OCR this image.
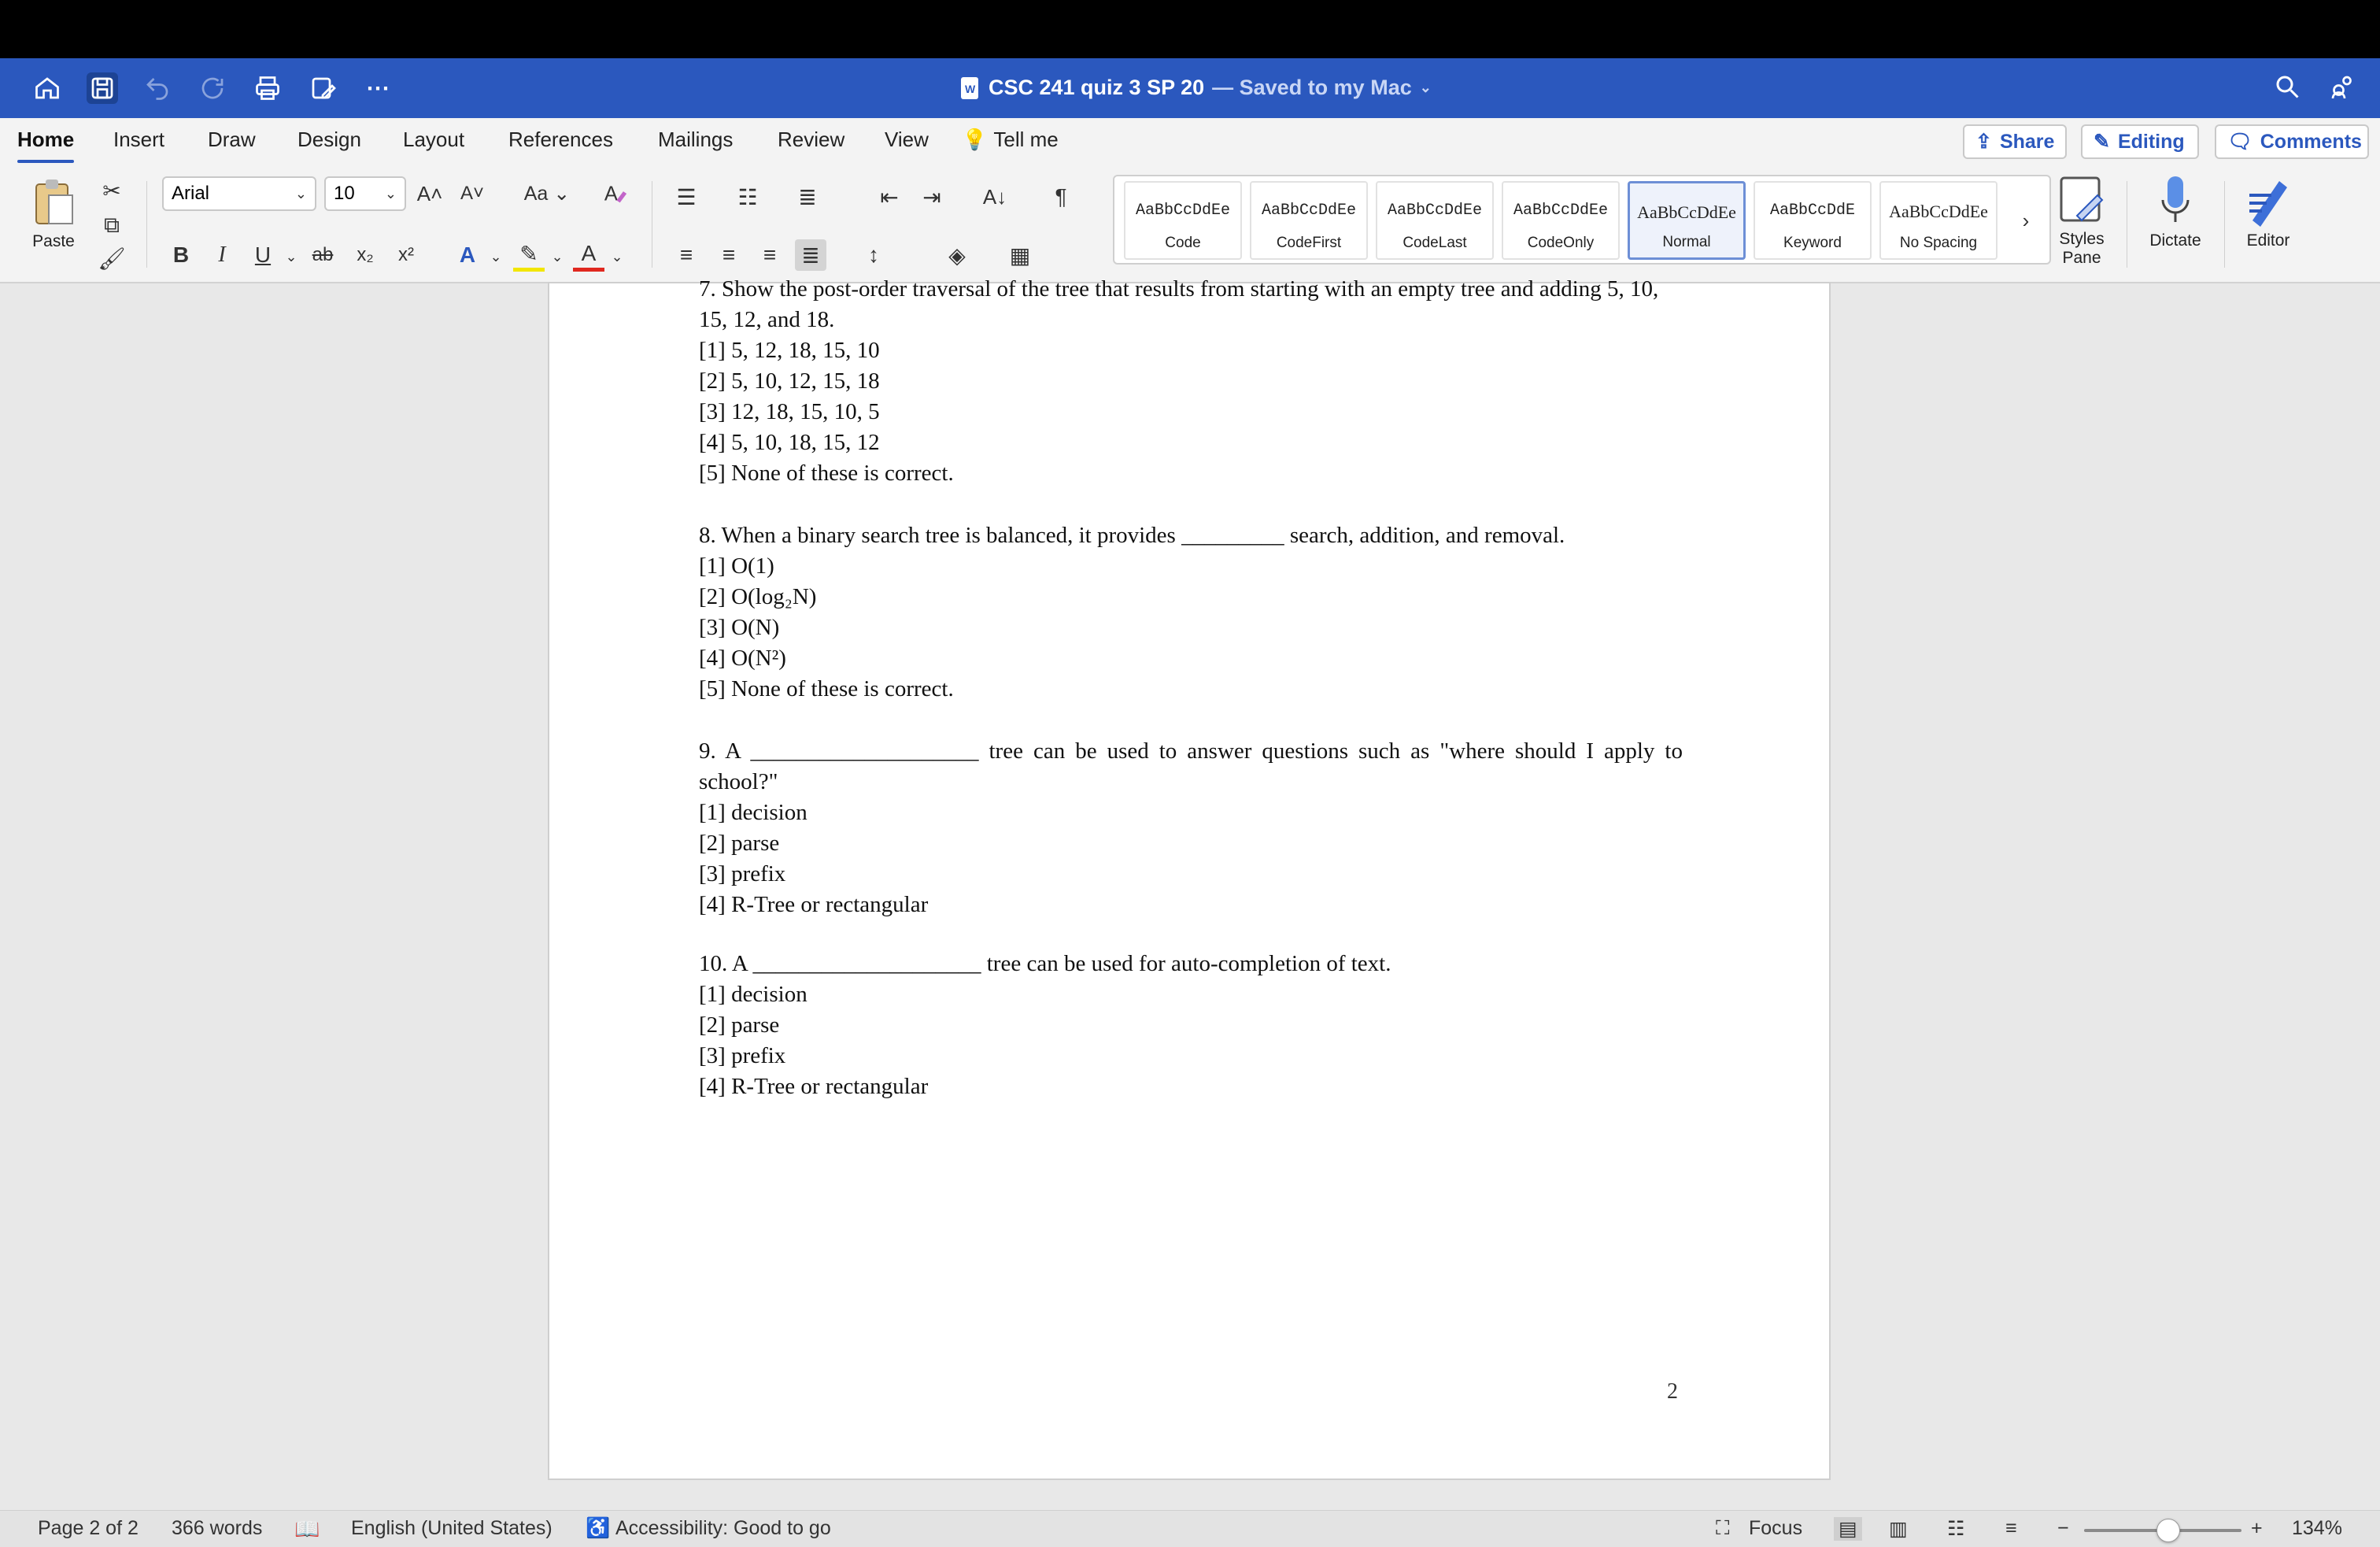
⋯	W CSC 241 quiz 3 SP 20 — Saved to my Mac ⌄
Home Insert Draw Design Layout References Mailings Review View 💡 Tell me	⇪ Share ✎ Editing 🗨 Comments
Paste
✂
⧉
🖌
Arial	⌄ 10 ⌄ A˄ A˅ Aa ⌄	A
B	I	U	⌄ ab	x₂	x²	A	⌄ ✎ ⌄ A	⌄
☰ ☷ ≣	⇤ ⇥	A↓	¶
≡	≡	≡	≣	↕	◈	▦
AaBbCcDdEe
Code
AaBbCcDdEe
CodeFirst
AaBbCcDdEe
CodeLast
AaBbCcDdEe
CodeOnly
AaBbCcDdEe
Normal
AaBbCcDdE
Keyword
AaBbCcDdEe
No Spacing
›
Styles Pane
Dictate	Editor
7. Show the post-order traversal of the tree that results from starting with an empty tree and adding 5, 10,
15, 12, and 18.
[1] 5, 12, 18, 15, 10
[2] 5, 10, 12, 15, 18
[3] 12, 18, 15, 10, 5
[4] 5, 10, 18, 15, 12
[5] None of these is correct.
8. When a binary search tree is balanced, it provides _________ search, addition, and removal.
[1] O(1)
[2] O(log₂N)
[3] O(N)
[4] O(N²)
[5] None of these is correct.
9. A ____________________ tree can be used to answer questions such as "where should I apply to
school?"
[1] decision
[2] parse
[3] prefix
[4] R-Tree or rectangular
10. A ____________________ tree can be used for auto-completion of text.
[1] decision
[2] parse
[3] prefix
[4] R-Tree or rectangular
2
Page 2 of 2 366 words 📖 English (United States) ♿ Accessibility: Good to go	⛶ Focus ▤ ▥ ☷ ≡ −	+ 134%
